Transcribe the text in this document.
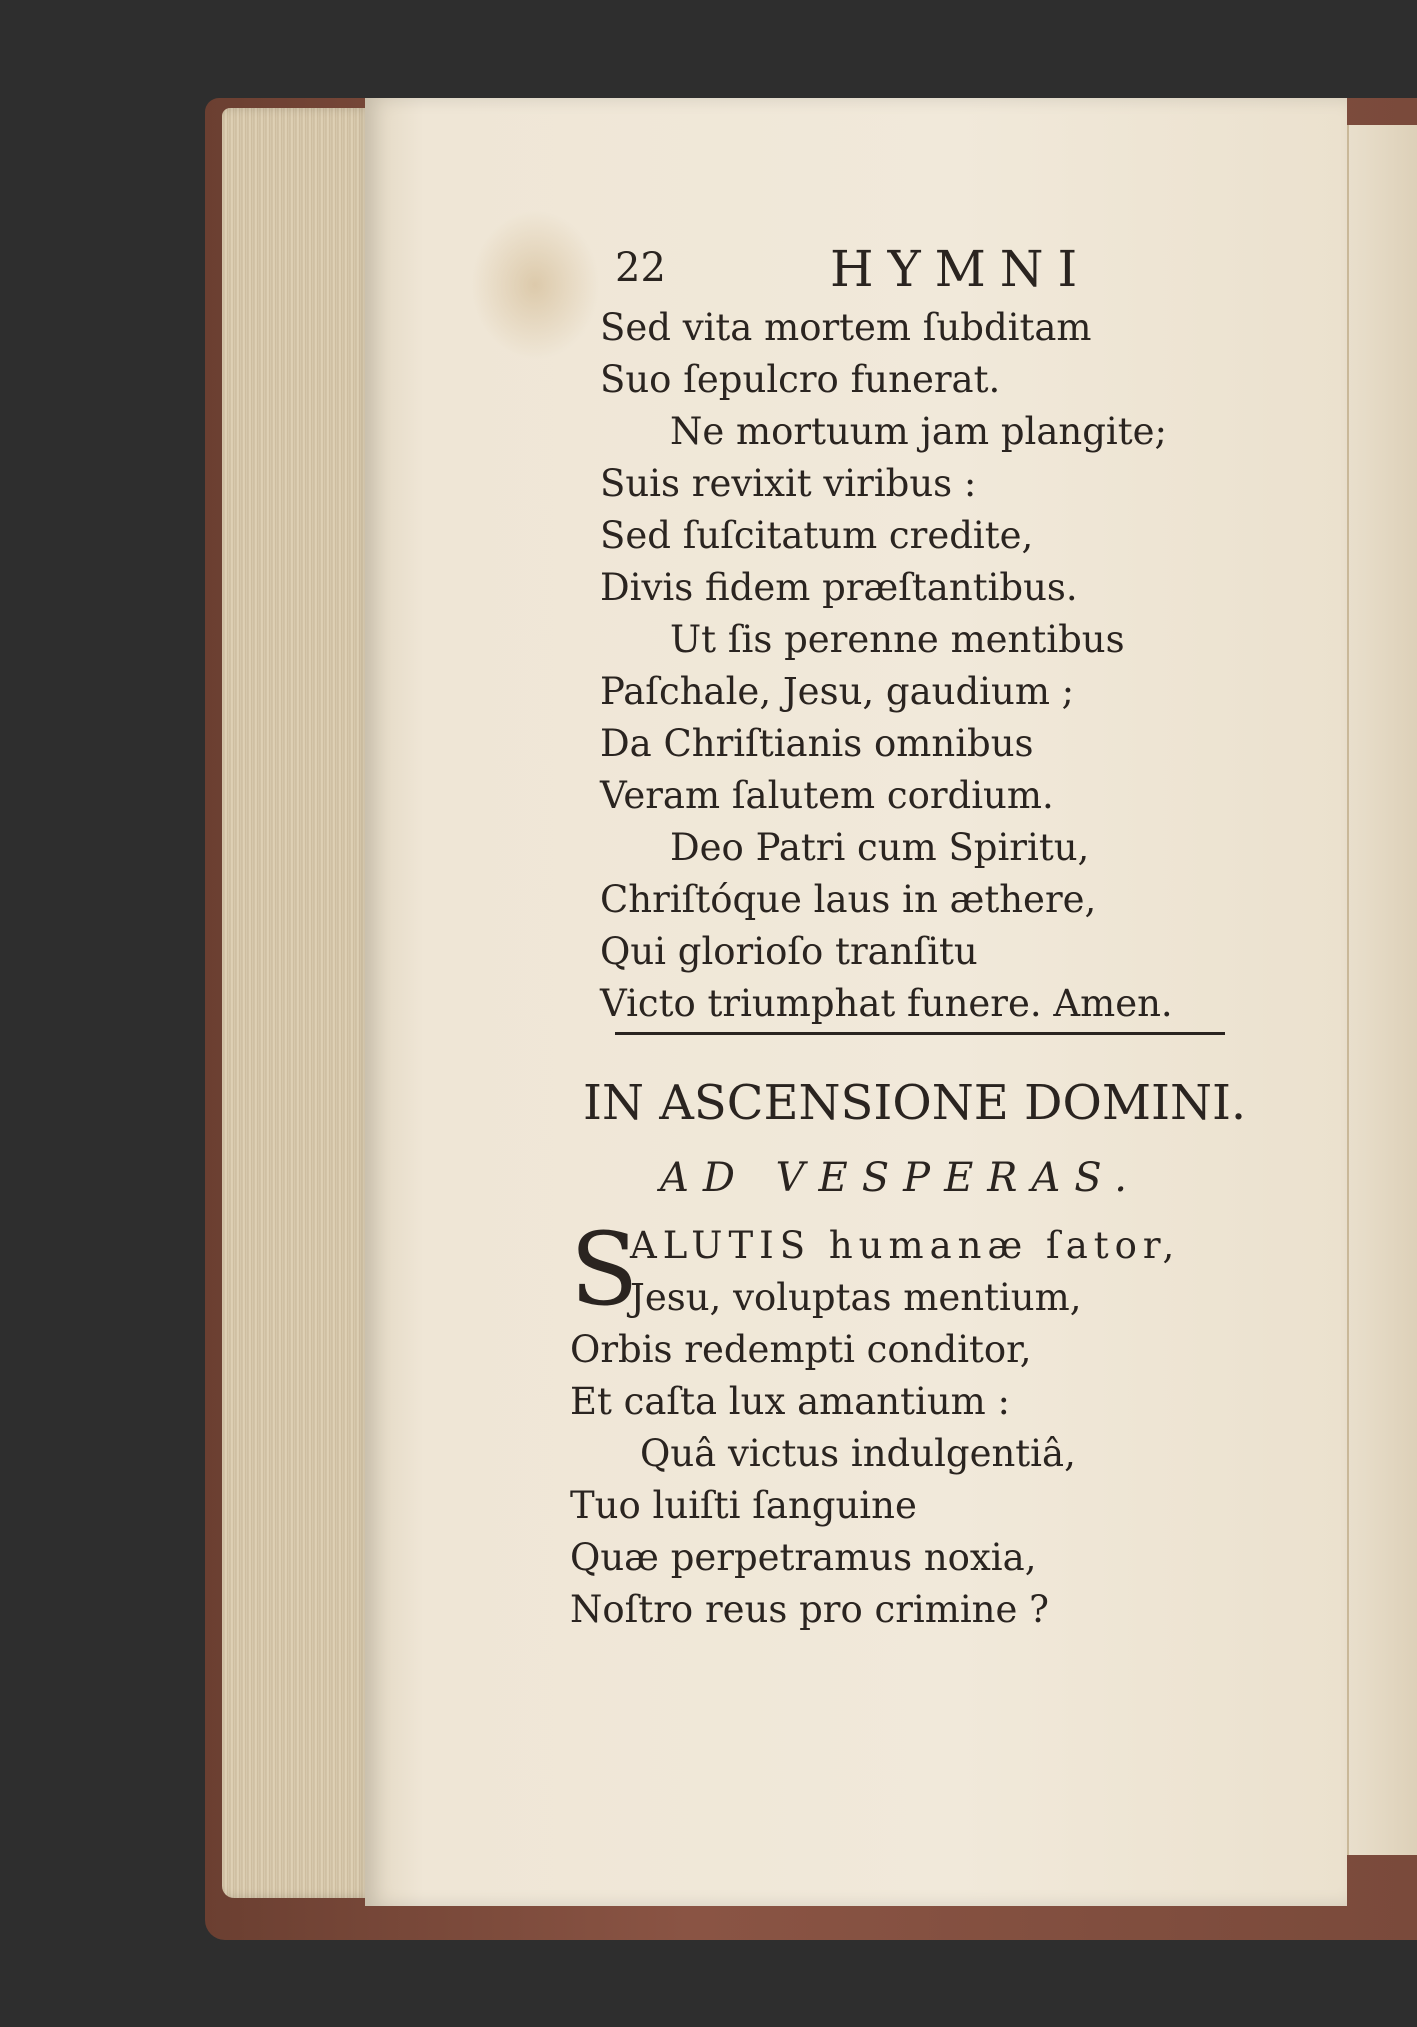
22	HYMNI

Sed vita mortem ſubditam

Suo ſepulcro funerat.

Ne mortuum jam plangite;

Suis revixit viribus :

Sed ſuſcitatum credite,

Divis fidem præſtantibus.

Ut ſis perenne mentibus

Paſchale, Jesu, gaudium ;

Da Chriſtianis omnibus

Veram ſalutem cordium.

Deo Patri cum Spiritu,

Chriſtóque laus in æthere,

Qui glorioſo tranſitu

Victo triumphat funere. Amen.

IN ASCENSIONE DOMINI.
AD VESPERAS.

S
ALUTIS humanæ ſator,

Jesu, voluptas mentium,

Orbis redempti conditor,

Et caſta lux amantium :

Quâ victus indulgentiâ,

Tuo luiſti ſanguine

Quæ perpetramus noxia,

Noſtro reus pro crimine ?
